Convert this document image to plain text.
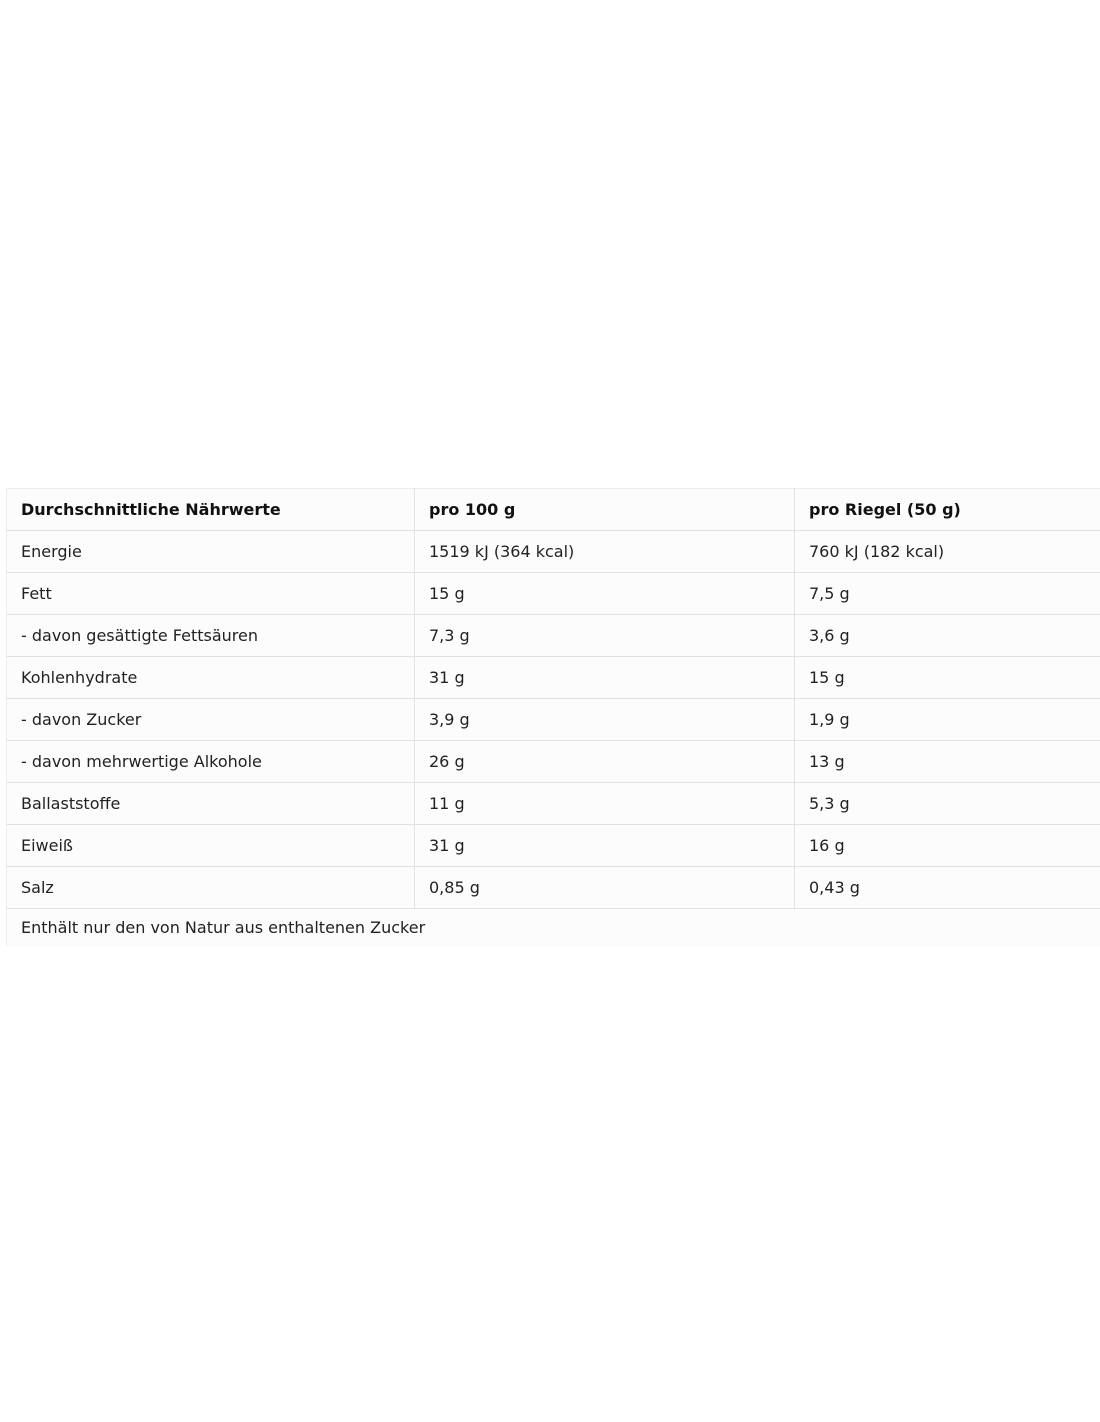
Durchschnittliche Nährwerte	pro 100 g	pro Riegel (50 g)
Energie	1519 kJ (364 kcal)	760 kJ (182 kcal)
Fett	15 g	7,5 g
- davon gesättigte Fettsäuren	7,3 g	3,6 g
Kohlenhydrate	31 g	15 g
- davon Zucker	3,9 g	1,9 g
- davon mehrwertige Alkohole	26 g	13 g
Ballaststoffe	11 g	5,3 g
Eiweiß	31 g	16 g
Salz	0,85 g	0,43 g
Enthält nur den von Natur aus enthaltenen Zucker		
